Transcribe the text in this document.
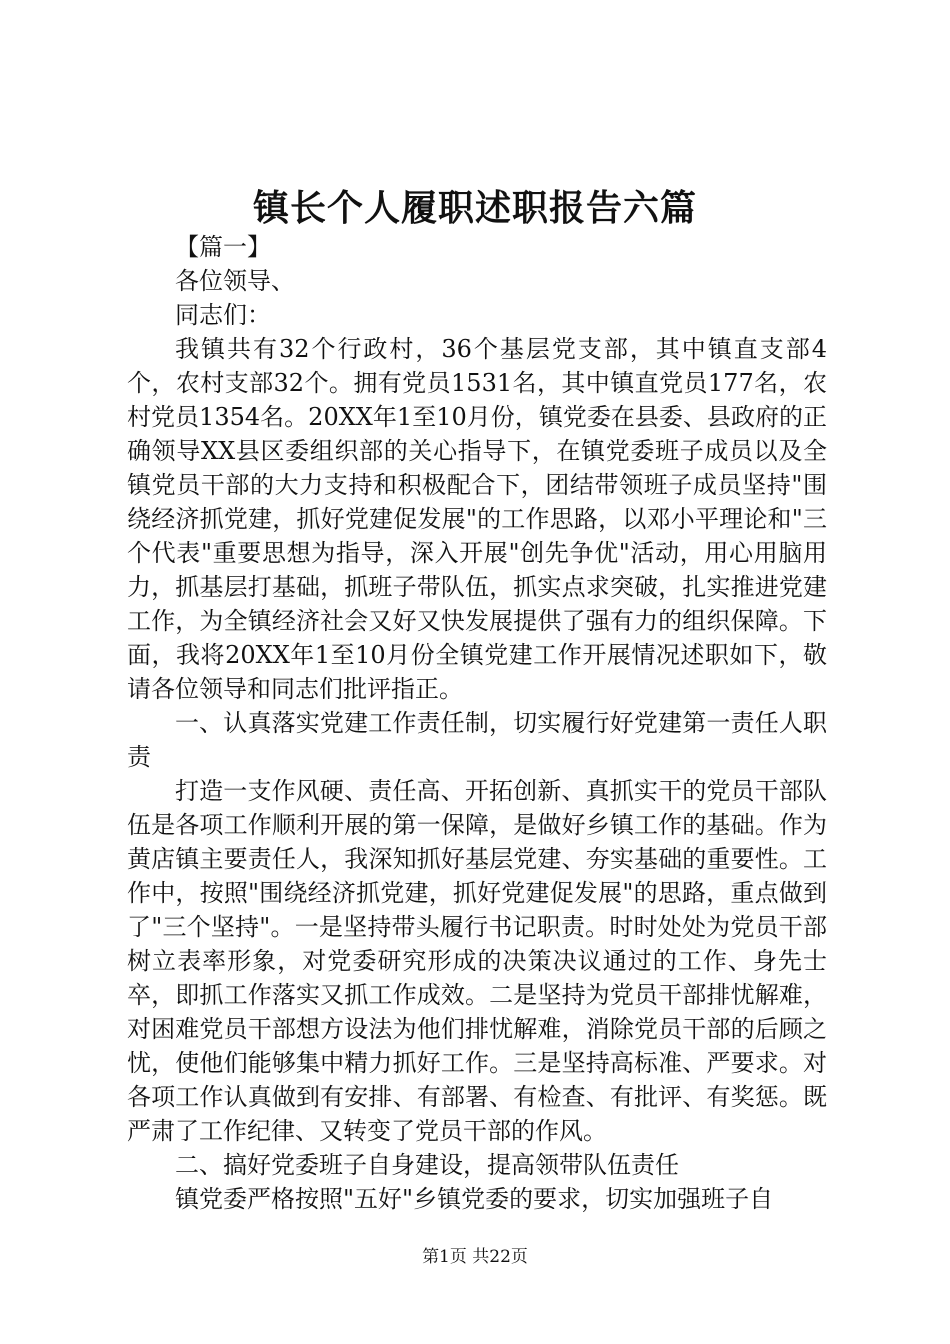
镇长个人履职述职报告六篇

【篇一】

各位领导、

同志们：

我镇共有32个行政村，36个基层党支部，其中镇直支部4个，农村支部32个。拥有党员1531名，其中镇直党员177名，农村党员1354名。20XX年1至10月份，镇党委在县委、县政府的正确领导XX县区委组织部的关心指导下，在镇党委班子成员以及全镇党员干部的大力支持和积极配合下，团结带领班子成员坚持"围绕经济抓党建，抓好党建促发展"的工作思路，以邓小平理论和"三个代表"重要思想为指导，深入开展"创先争优"活动，用心用脑用力，抓基层打基础，抓班子带队伍，抓实点求突破，扎实推进党建工作，为全镇经济社会又好又快发展提供了强有力的组织保障。下面，我将20XX年1至10月份全镇党建工作开展情况述职如下，敬请各位领导和同志们批评指正。

一、认真落实党建工作责任制，切实履行好党建第一责任人职责

打造一支作风硬、责任高、开拓创新、真抓实干的党员干部队伍是各项工作顺利开展的第一保障，是做好乡镇工作的基础。作为黄店镇主要责任人，我深知抓好基层党建、夯实基础的重要性。工作中，按照"围绕经济抓党建，抓好党建促发展"的思路，重点做到了"三个坚持"。一是坚持带头履行书记职责。时时处处为党员干部树立表率形象，对党委研究形成的决策决议通过的工作、身先士卒，即抓工作落实又抓工作成效。二是坚持为党员干部排忧解难，对困难党员干部想方设法为他们排忧解难，消除党员干部的后顾之忧，使他们能够集中精力抓好工作。三是坚持高标准、严要求。对各项工作认真做到有安排、有部署、有检查、有批评、有奖惩。既严肃了工作纪律、又转变了党员干部的作风。

二、搞好党委班子自身建设，提高领带队伍责任

镇党委严格按照"五好"乡镇党委的要求，切实加强班子自

第1页 共22页
